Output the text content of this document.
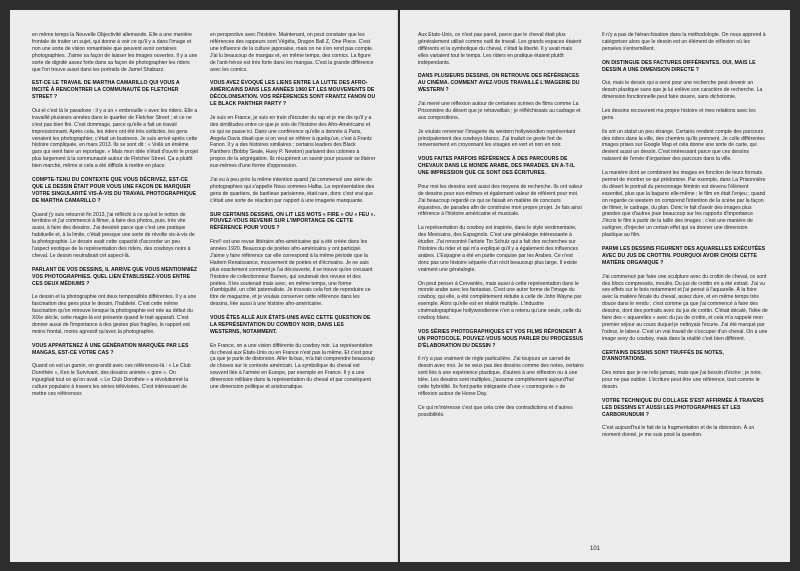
en même temps la Nouvelle Objectivité allemande. Elle a une manière frontale de traiter un sujet, qui donne à voir ce qu'il y a dans l'image et non une sorte de vision romantisée que peuvent avoir certaines photographies. J'aime sa façon de laisser les images ouvertes. Il y a une sorte de dignité assez forte dans sa façon de photographier les riders que l'on trouve aussi dans les portraits de Jamel Shabazz.

EST-CE LE TRAVAIL DE MARTHA CAMARILLO QUI VOUS A INCITÉ À RENCONTRER LA COMMUNAUTÉ DE FLETCHER STREET ?

Oui et c'est là le paradoxe : il y a un « embrouille » avec les riders. Elle a travaillé plusieurs années dans le quartier de Fletcher Street ; et ce ne s'est pas bien fini. C'est dommage, parce qu'elle a fait un travail impressionnant. Après cela, les riders ont été très sollicités, les gens venaient les photographier, c'était un business. Je suis arrivé après cette histoire compliquée, en mars 2013. Ils se sont dit : « Voilà un énième gars qui vient faire un reportage. » Mais mon idée n'était d'ouvrir le projet plus largement à la communauté autour de Fletcher Street. Ça a plutôt bien marché, même si cela a été difficile à mettre en place.

COMPTE-TENU DU CONTEXTE QUE VOUS DÉCRIVEZ, EST-CE QUE LE DESSIN ÉTAIT POUR VOUS UNE FAÇON DE MARQUER VOTRE SINGULARITÉ VIS-À-VIS DU TRAVAIL PHOTOGRAPHIQUE DE MARTHA CAMARILLO ?

Quand j'y suis retourné fin 2013, j'ai réfléchi à ce qu'est le notion de territoire et j'ai commencé à filmer, à faire des photos, puis, très vite aussi, à faire des dessins. J'ai dessiné parce que c'est une pratique habituelle et, à la limite, c'était presque une sorte de révolte vis-à-vis de la photographie. Le dessin avait cette capacité d'accorder un peu l'aspect exotique de la représentation des riders, des cowboys noirs à cheval. Le dessin neutralisait cet aspect-là.

PARLANT DE VOS DESSINS, IL ARRIVE QUE VOUS MENTIONNIEZ VOS PHOTOGRAPHIES. QUEL LIEN ÉTABLISSEZ-VOUS ENTRE CES DEUX MÉDIUMS ?

Le dessin et la photographie ont deux temporalités différentes. Il y a une fascination des gens pour le dessin, l'habileté. C'est cette même fascination qu'on retrouve lorsque la photographie est née au début du XIXe siècle, cette magie-là est présente quand le trait apparaît. C'est donner aussi de l'importance à des gestes plus fragiles, le rapport est moins frontal, moins agressif qu'avec la photographie.

VOUS APPARTENEZ À UNE GÉNÉRATION MARQUÉE PAR LES MANGAS, EST-CE VOTRE CAS ?

Quand on est un gamin, on grandit avec ces références-là : « Le Club Dorothée », Ken le Survivant, des dessins animés « gore ». On ingurgitait tout ce qu'on avait. « Le Club Dorothée » a révolutionné la culture populaire à travers les séries télévisées. C'est intéressant de mettre ces références

en perspective avec l'histoire. Maintenant, on peut constater que les références des rappeurs sont Végéta, Dragon Ball Z, One Piece. C'est une influence de la culture japonaise, mais on ne s'en rend pas compte. J'ai lu beaucoup de mangas et, en même temps, des comics. La figure de l'anti-héros est très forte dans les mangas. C'est la grande différence avec les comics.

VOUS AVEZ ÉVOQUÉ LES LIENS ENTRE LA LUTTE DES AFRO-AMÉRICAINS DANS LES ANNÉES 1960 ET LES MOUVEMENTS DE DÉCOLONISATION. VOS RÉFÉRENCES SONT FRANTZ FANON OU LE BLACK PANTHER PARTY ?

Je suis en France, je suis en train d'écouter du rap et je me dis qu'il y a des similitudes entre ce que je vois de l'histoire des Afro-Américains et ce qui se passe ici. Dans une conférence qu'elle a donnée à Paris, Angela Davis disait que si on veut se référer à quelqu'un, c'est à Frantz Fanon. Il y a des histoires similaires ; certains leaders des Black Panthers (Bobby Seale, Huey P. Newton) parlaient des colonies à propos de la ségrégation. Ils récupèrent un savoir pour pouvoir se libérer eux-mêmes d'une forme d'oppression.

J'ai eu à peu près la même intention quand j'ai commencé une série de photographies qui s'appelle Nous sommes Halba. La représentation des gens de quartiers, de banlieue parisienne, était rare, donc c'est vrai que c'était une sorte de réaction par rapport à une imagerie manquante.

SUR CERTAINS DESSINS, ON LIT LES MOTS « FIRE » OU « FEU ». POUVEZ-VOUS REVENIR SUR L'IMPORTANCE DE CETTE RÉFÉRENCE POUR VOUS ?

Fire!! est une revue littéraire afro-américaine qui a été créée dans les années 1920. Beaucoup de poètes afro-américains y ont participé. J'aime y faire référence car elle correspond à la même période que la Harlem Renaissance, mouvement de poètes et d'écrivains. Je ne sais plus exactement comment je l'ai découverte, il se trouve qu'en creusant l'histoire de collectionneur Barnes, qui soutenait des revues et des poètes. Il les soutenait mais avec, en même temps, une forme d'ambiguïté, un côté paternaliste. Je trouvais cela fort de reproduire ce titre de magazine, et je voulais conserver cette référence dans les dessins, liée aussi à une histoire afro-américaine.

VOUS ÊTES ALLÉ AUX ÉTATS-UNIS AVEC CETTE QUESTION DE LA REPRÉSENTATION DU COWBOY NOIR, DANS LES WESTERNS, NOTAMMENT.

En France, on a une vision différente du cowboy noir. La représentation du cheval aux États-Unis ou en France n'est pas la même. Et c'est pour ça que je parle de distorsion. Aller là-bas, m'a fait comprendre beaucoup de choses sur le contexte américain. La symbolique du cheval est souvent liée à l'armée en Europe, par exemple en France. Il y a une dimension militaire dans la représentation du cheval et par conséquent une dimension politique et aristocratique.

Aux États-Unis, ce n'est pas pareil, parce que le cheval était plus généralement utilisé comme outil de travail. Les grands espaces étaient différents et la symbolique du cheval, c'était la liberté. Il y avait mais elles variaient tout le temps. Les riders en pratique étaient plutôt indépendants.

DANS PLUSIEURS DESSINS, ON RETROUVE DES RÉFÉRENCES AU CINÉMA. COMMENT AVEZ-VOUS TRAVAILLÉ L'IMAGERIE DU WESTERN ?

J'ai mené une réflexion autour de certaines scènes de films comme La Prisonnière du désert que je retravaillais ; je réfléchissais au cadrage et aux compositions.

Je voulais renverser l'imagerie du western hollywoodien représentant principalement des cowboys blancs. J'ai traduit ce geste fort de renversement en croyonnant les visages en vert et non en noir.

VOUS FAITES PARFOIS RÉFÉRENCE À DES PARCOURS DE CHEVAUX DANS LE MONDE ARABE, DES PARADES. EN A-T-IL UNE IMPRESSION QUE CE SONT DES ÉCRITURES.

Pour moi les dessins sont aussi des moyens de recherche. Ils ont valeur de dessins pour eux-mêmes et également valeur de référent pour moi. J'ai beaucoup regardé ce qui se faisait en matière de concours équestres, de parades afin de construire mon propre projet. Je fais ainsi référence à l'histoire américaine et musicale.

La représentation du cowboy est inspirée, dans le style vestimentaire, des Mexicains, des Espagnols. C'est une généalogie intéressante à étudier. J'ai rencontré l'artiste Tio Schulz qui a fait des recherches sur l'histoire du rider et qui m'a expliqué qu'il y a également des influences arabes. L'Espagne a été en partie conquise par les Arabes. Ce n'est donc pas une histoire séparée d'un récit beaucoup plus large. Il existe vraiment une généalogie.

On peut penser à Cervantès, mais aussi à cette représentation dans le monde arabe avec les fantasias. C'est une autre forme de l'image du cowboy, qui elle, a été complètement réduite à celle de John Wayne par exemple. Alors qu'elle est en réalité multiple. L'industrie cinématographique hollywoodienne n'en a retenu qu'une seule, celle du cowboy blanc.

VOS SÉRIES PHOTOGRAPHIQUES ET VOS FILMS RÉPONDENT À UN PROTOCOLE. POUVEZ-VOUS NOUS PARLER DU PROCESSUS D'ÉLABORATION DU DESSIN ?

Il n'y a pas vraiment de règle particulière. J'ai toujours un carnet de dessin avec moi. Je ne veux pas des dessins comme des notes, certains sont liés à une expérience plastique, d'autres à une réflexion ou à une idée. Les dessins sont multiples, j'assume complètement aujourd'hui cette hybridité. Ils font partie intégrante d'une « cosmogonie » de réflexion autour de Horse Day.

Ce qui m'intéresse c'est que cela crée des contradictions et d'autres possibilités.

Il n'y a pas de hiérarchisation dans la méthodologie. On nous apprend à catégoriser alors que le dessin est un élément de réflexion où les pensées s'entremêlent.

ON DISTINGUE DES FACTURES DIFFÉRENTES. OUI, MAIS LE DESSIN A UNE DIMENSION DIRECTE ?

Oui, mais le dessin qui a servi pour une recherche peut devenir un dessin plastique sans que je lui enlève son caractère de recherche. La dimension fonctionnelle peut faire œuvre, sans dichotomie.

Les dessins recouvrent ma propre histoire et mes relations avec les gens.

Ils ont un statut un peu étrange. Certains rendent compte des parcours des riders dans la ville, des chemins qu'ils prennent. Je colle différentes images prises sur Google Map et cela donne une sorte de carte, qui devient aussi un dessin. C'est intéressant parce que ces dessins naissent de l'envie d'organiser des parcours dans la ville.

La manière dont se combinent les images en fonction de leurs formats permet de montrer ce qui prédomine. Par exemple, dans La Prisonnière du désert le portrait du personnage féminin est devenu l'élément essentiel, plus que la bagarre elle-même ; le film en était l'enjeu ; quand on regarde ce western on comprend l'intention de la scène par la façon de filmer, le cadrage, du plan. Donc le fait d'avoir des images plus grandes que d'autres joue beaucoup sur les rapports d'importance. J'écris le film à partir de la taille des images ; c'est une manière de surligner, d'injecter un certain effet qui va donner une dimension plastique au film.

PARMI LES DESSINS FIGURENT DES AQUARELLES EXÉCUTÉES AVEC DU JUS DE CROTTIN. POURQUOI AVOIR CHOISI CETTE MATIÈRE ORGANIQUE ?

J'ai commencé par faire une sculpture avec du crottin de cheval, ce sont des blocs compressés, moulés. Du jus de crottin en a été extrait. J'ai vu ses effets sur le bois notamment et j'ai pensé à l'aquarelle. À la foire avec la matière fécale du cheval, assez dure, et en même temps très douce dans le rendu ; c'est comme ça que j'ai commencé à faire des dessins, dont des portraits avec du jus de crottin. C'était décalé, l'idée de faire des « aquarelles » avec du jus de crottin, et cela m'a rappelé mon premier séjour au cours duquel je nettoyais l'écurie. J'ai été marqué par l'odeur, le labeur. C'est un vrai travail de s'occuper d'un cheval. On a une image sexy du cowboy, mais dans la réalité c'est bien différent.

CERTAINS DESSINS SONT TRUFFÉS DE NOTES, D'ANNOTATIONS.

Des notes que je ne relis jamais, mais que j'ai besoin d'écrire ; je note, pour ne pas oublier. L'écriture peut être une référence, tout comme le dessin.

VOTRE TECHNIQUE DU COLLAGE S'EST AFFIRMÉE À TRAVERS LES DESSINS ET AUSSI LES PHOTOGRAPHIES ET LES CARBORUNDUM ?

C'est aujourd'hui le fait de la fragmentation et de la distorsion. À un moment donné, je me suis posé la question.

101
